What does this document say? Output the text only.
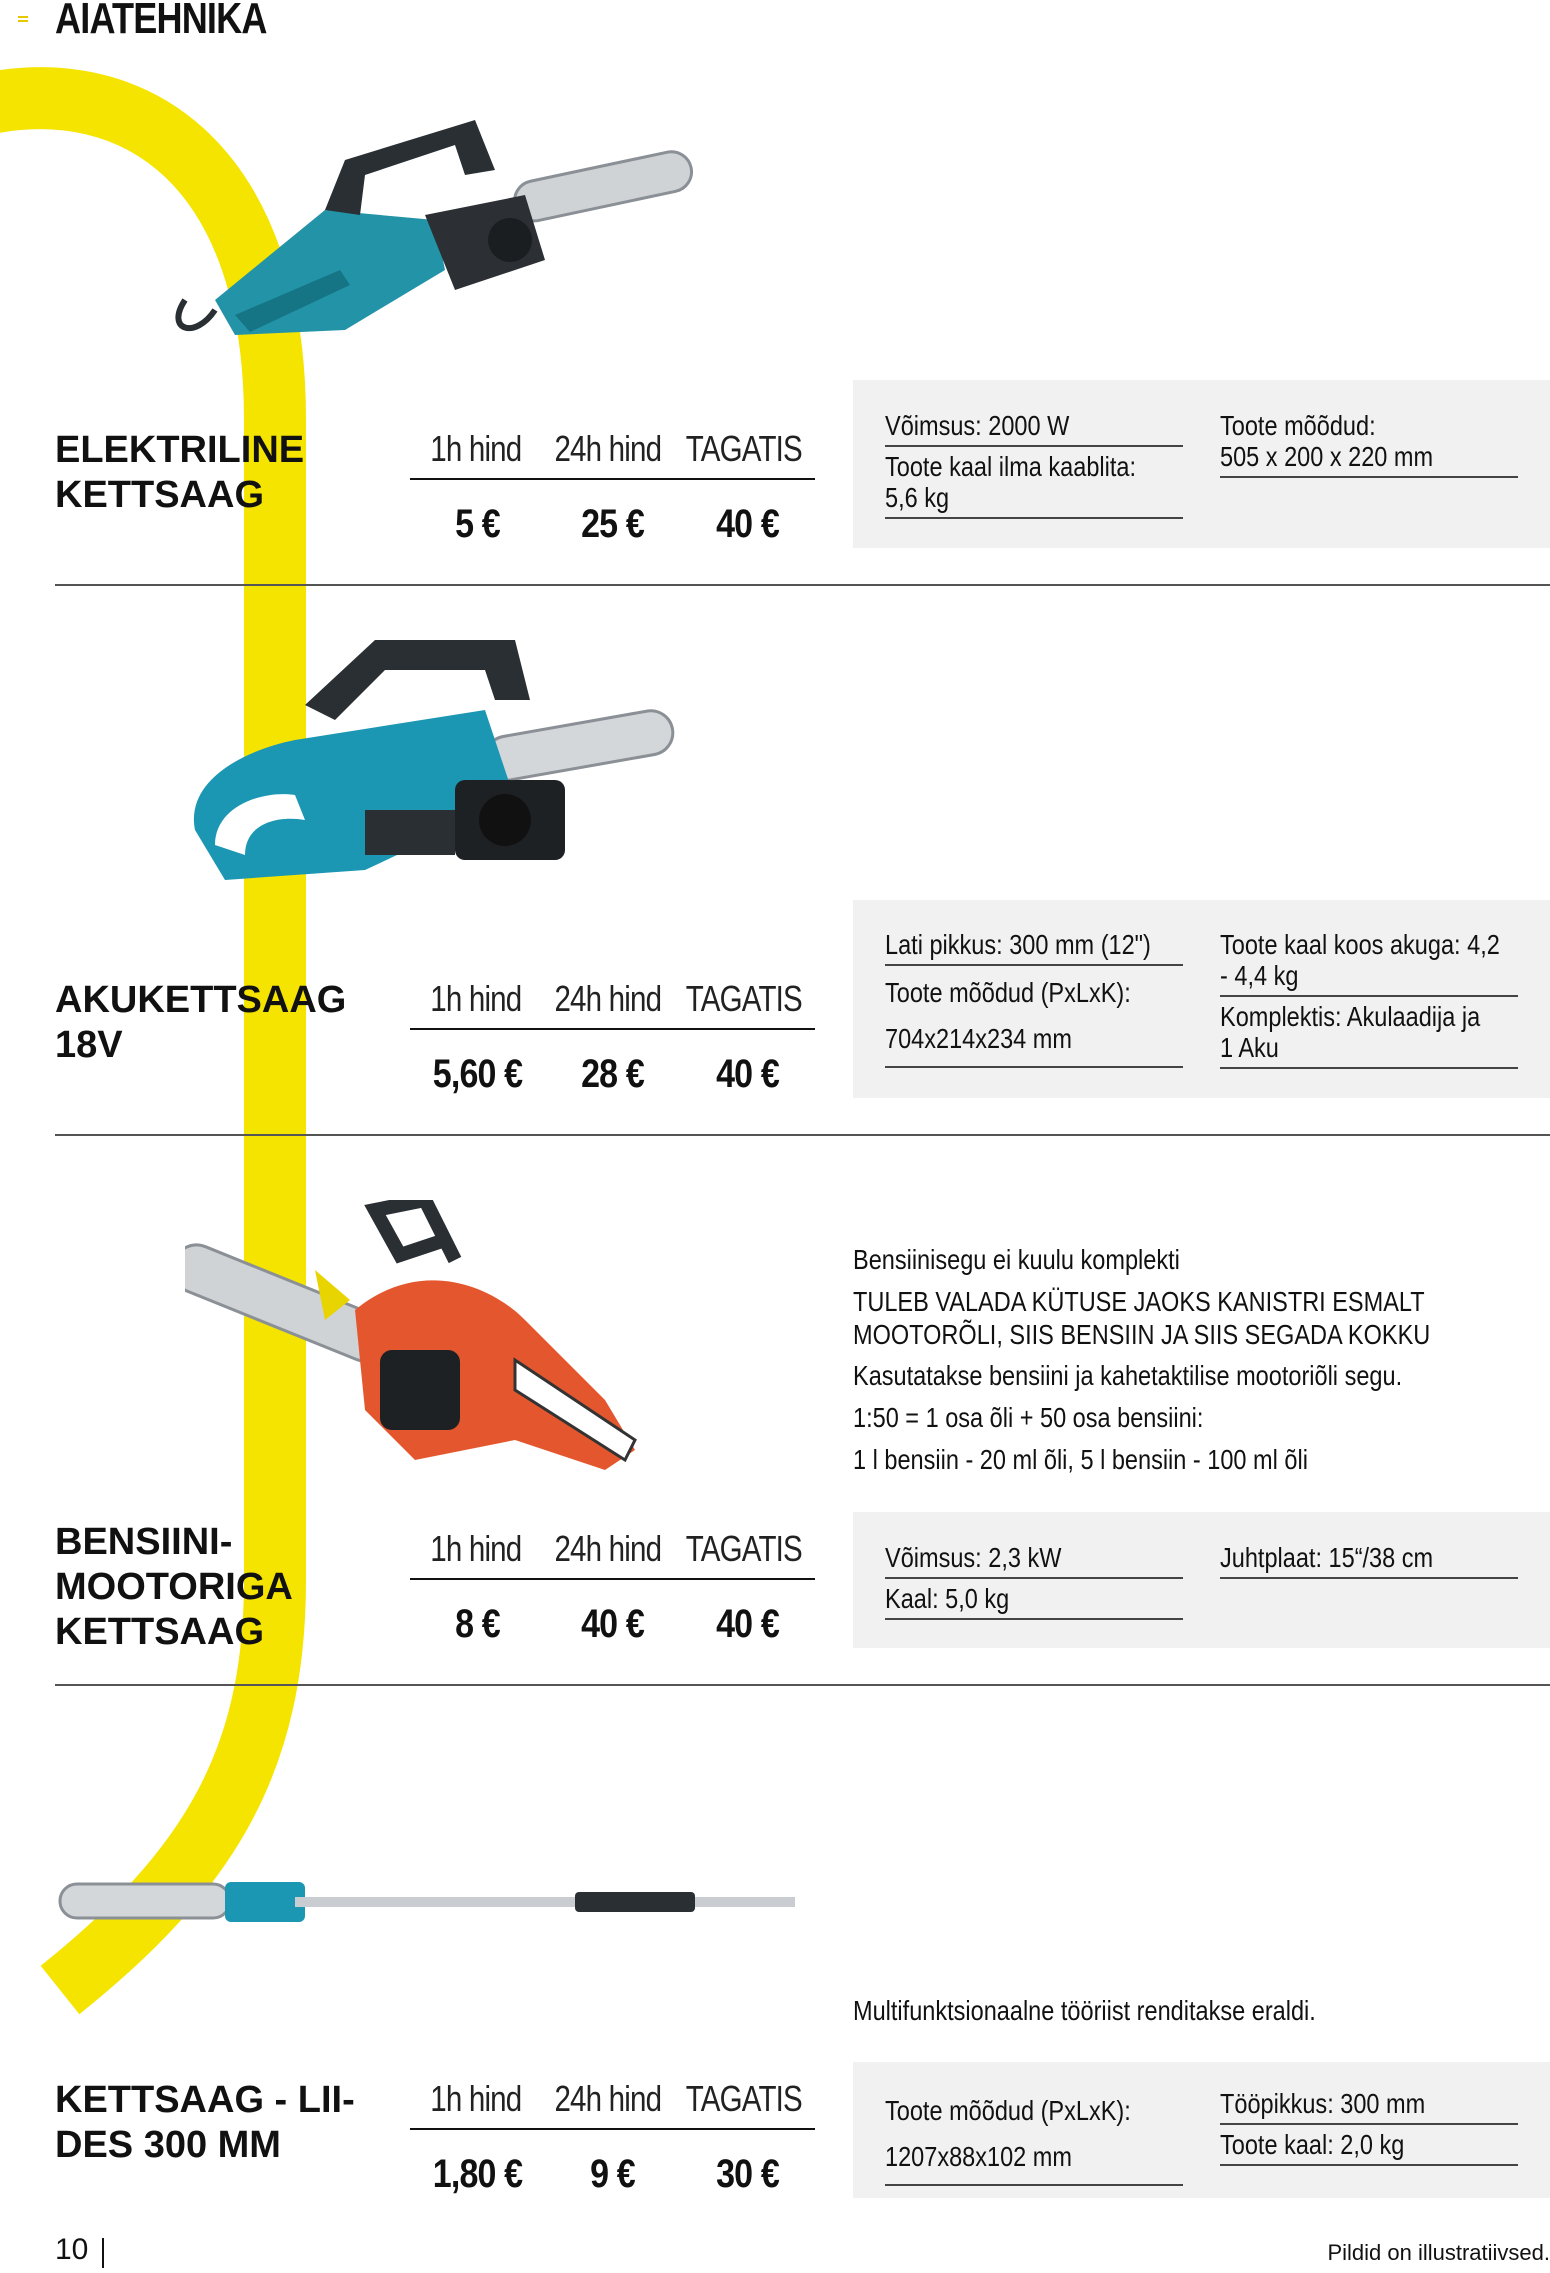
AIATEHNIKA
ELEKTRILINE
KETTSAAG
1h hind 24h hind TAGATIS
5 €	25 €	40 €
Võimsus: 2000 W
Toote kaal ilma kaablita:
5,6 kg
Toote mõõdud:
505 x 200 x 220 mm
AKUKETTSAAG
18V
1h hind 24h hind TAGATIS
5,60 €	28 €	40 €
Lati pikkus: 300 mm (12")
Toote mõõdud (PxLxK):
704x214x234 mm
Toote kaal koos akuga: 4,2
- 4,4 kg
Komplektis: Akulaadija ja
1 Aku
Bensiinisegu ei kuulu komplekti
TULEB VALADA KÜTUSE JAOKS KANISTRI ESMALT MOOTORÕLI, SIIS BENSIIN JA SIIS SEGADA KOKKU
Kasutatakse bensiini ja kahetaktilise mootoriõli segu.
1:50 = 1 osa õli + 50 osa bensiini:
1 l bensiin - 20 ml õli, 5 l bensiin - 100 ml õli
BENSIINI-
MOOTORIGA
KETTSAAG
1h hind 24h hind TAGATIS
8 €	40 €	40 €
Võimsus: 2,3 kW
Kaal: 5,0 kg
Juhtplaat: 15“/38 cm
Multifunktsionaalne tööriist renditakse eraldi.
KETTSAAG - LII-
DES 300 MM
1h hind 24h hind TAGATIS
1,80 €	9 €	30 €
Toote mõõdud (PxLxK):
1207x88x102 mm
Tööpikkus: 300 mm
Toote kaal: 2,0 kg
10	Pildid on illustratiivsed.
